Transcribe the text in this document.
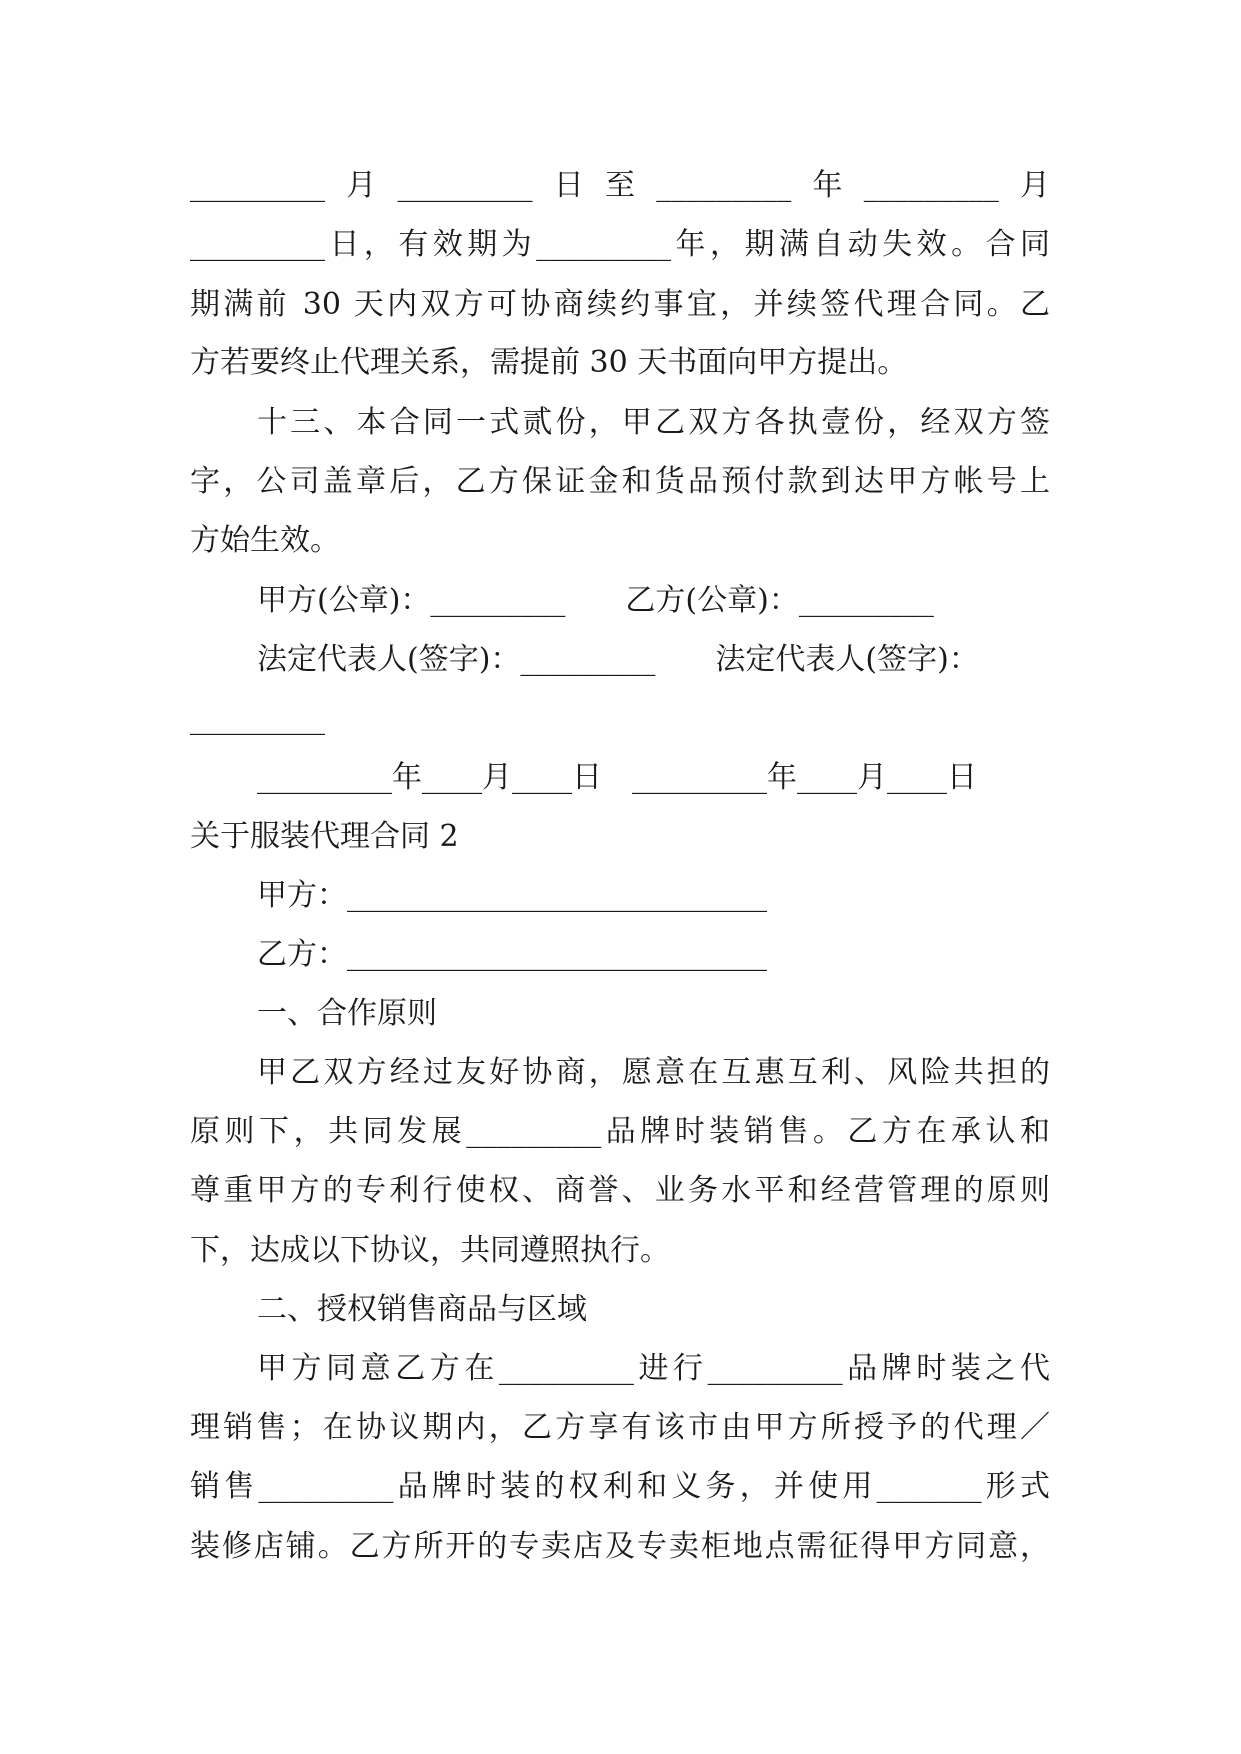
_________月_________日至_________年_________月
_________日，有效期为_________年，期满自动失效。合同
期满前 30 天内双方可协商续约事宜，并续签代理合同。乙
方若要终止代理关系，需提前 30 天书面向甲方提出。
十三、本合同一式贰份，甲乙双方各执壹份，经双方签
字，公司盖章后，乙方保证金和货品预付款到达甲方帐号上
方始生效。
甲方(公章)：_________　　乙方(公章)：_________
法定代表人(签字)：_________　　法定代表人(签字)：
_________
_________年____月____日　_________年____月____日
关于服装代理合同 2
甲方：____________________________
乙方：____________________________
一、合作原则
甲乙双方经过友好协商，愿意在互惠互利、风险共担的
原则下，共同发展_________品牌时装销售。乙方在承认和
尊重甲方的专利行使权、商誉、业务水平和经营管理的原则
下，达成以下协议，共同遵照执行。
二、授权销售商品与区域
甲方同意乙方在_________进行_________品牌时装之代
理销售；在协议期内，乙方享有该市由甲方所授予的代理／
销售_________品牌时装的权利和义务，并使用_______形式
装修店铺。乙方所开的专卖店及专卖柜地点需征得甲方同意，
